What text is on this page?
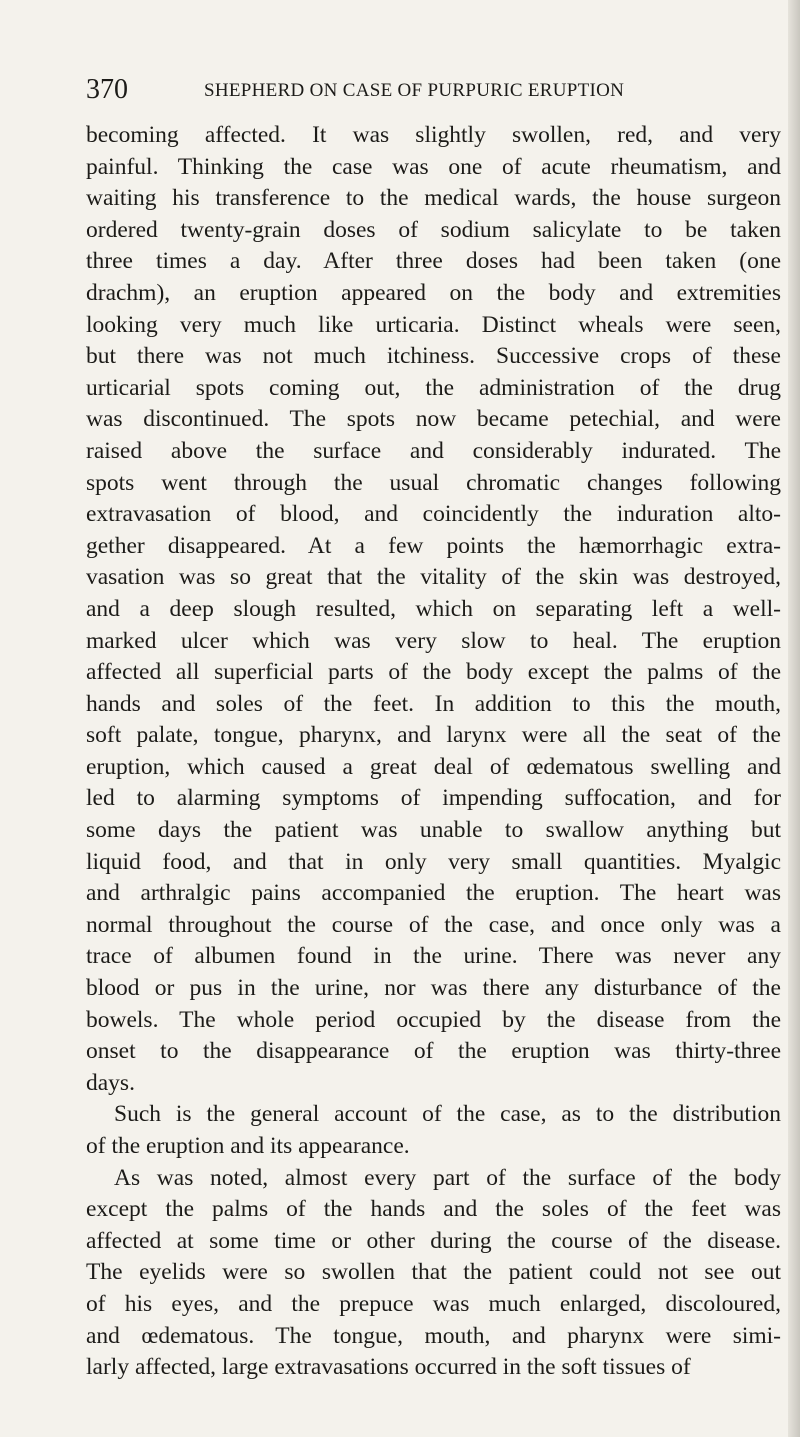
370	SHEPHERD ON CASE OF PURPURIC ERUPTION
becoming affected. It was slightly swollen, red, and very
painful. Thinking the case was one of acute rheumatism, and
waiting his transference to the medical wards, the house surgeon
ordered twenty-grain doses of sodium salicylate to be taken
three times a day. After three doses had been taken (one
drachm), an eruption appeared on the body and extremities
looking very much like urticaria. Distinct wheals were seen,
but there was not much itchiness. Successive crops of these
urticarial spots coming out, the administration of the drug
was discontinued. The spots now became petechial, and were
raised above the surface and considerably indurated. The
spots went through the usual chromatic changes following
extravasation of blood, and coincidently the induration alto-
gether disappeared. At a few points the hæmorrhagic extra-
vasation was so great that the vitality of the skin was destroyed,
and a deep slough resulted, which on separating left a well-
marked ulcer which was very slow to heal. The eruption
affected all superficial parts of the body except the palms of the
hands and soles of the feet. In addition to this the mouth,
soft palate, tongue, pharynx, and larynx were all the seat of the
eruption, which caused a great deal of œdematous swelling and
led to alarming symptoms of impending suffocation, and for
some days the patient was unable to swallow anything but
liquid food, and that in only very small quantities. Myalgic
and arthralgic pains accompanied the eruption. The heart was
normal throughout the course of the case, and once only was a
trace of albumen found in the urine. There was never any
blood or pus in the urine, nor was there any disturbance of the
bowels. The whole period occupied by the disease from the
onset to the disappearance of the eruption was thirty-three
days.
Such is the general account of the case, as to the distribution
of the eruption and its appearance.
As was noted, almost every part of the surface of the body
except the palms of the hands and the soles of the feet was
affected at some time or other during the course of the disease.
The eyelids were so swollen that the patient could not see out
of his eyes, and the prepuce was much enlarged, discoloured,
and œdematous. The tongue, mouth, and pharynx were simi-
larly affected, large extravasations occurred in the soft tissues of
